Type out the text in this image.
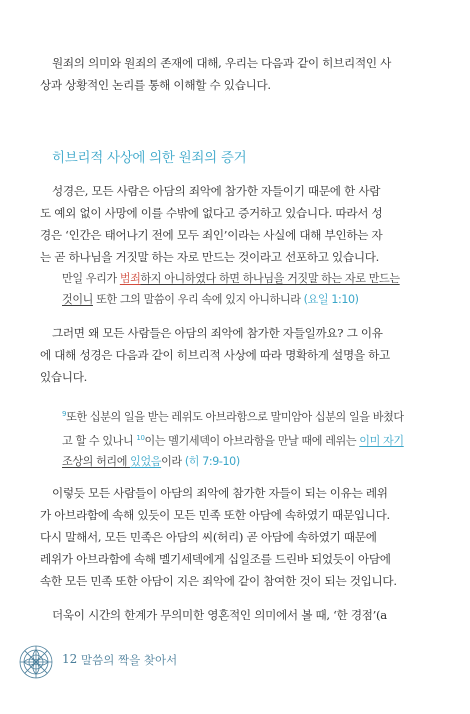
원죄의 의미와 원죄의 존재에 대해, 우리는 다음과 같이 히브리적인 사
상과 상황적인 논리를 통해 이해할 수 있습니다.
히브리적 사상에 의한 원죄의 증거
성경은, 모든 사람은 아담의 죄악에 참가한 자들이기 때문에 한 사람
도 예외 없이 사망에 이를 수밖에 없다고 증거하고 있습니다. 따라서 성
경은 ‘인간은 태어나기 전에 모두 죄인’이라는 사실에 대해 부인하는 자
는 곧 하나님을 거짓말 하는 자로 만드는 것이라고 선포하고 있습니다.
만일 우리가 범죄하지 아니하였다 하면 하나님을 거짓말 하는 자로 만드는
것이니 또한 그의 말씀이 우리 속에 있지 아니하니라 (요일 1:10)
그러면 왜 모든 사람들은 아담의 죄악에 참가한 자들일까요? 그 이유
에 대해 성경은 다음과 같이 히브리적 사상에 따라 명확하게 설명을 하고
있습니다.
$^9$또한 십분의 일을 받는 레위도 아브라함으로 말미암아 십분의 일을 바쳤다
고 할 수 있나니 $^{10}$이는 멜기세덱이 아브라함을 만날 때에 레위는 이미 자기
조상의 허리에 있었음이라 (히 7:9-10)
이렇듯 모든 사람들이 아담의 죄악에 참가한 자들이 되는 이유는 레위
가 아브라함에 속해 있듯이 모든 민족 또한 아담에 속하였기 때문입니다.
다시 말해서, 모든 민족은 아담의 씨(허리) 곧 아담에 속하였기 때문에
레위가 아브라함에 속해 멜기세덱에게 십일조를 드린바 되었듯이 아담에
속한 모든 민족 또한 아담이 지은 죄악에 같이 참여한 것이 되는 것입니다.
더욱이 시간의 한계가 무의미한 영혼적인 의미에서 볼 때, ‘한 경점’(a
12 말씀의 짝을 찾아서
